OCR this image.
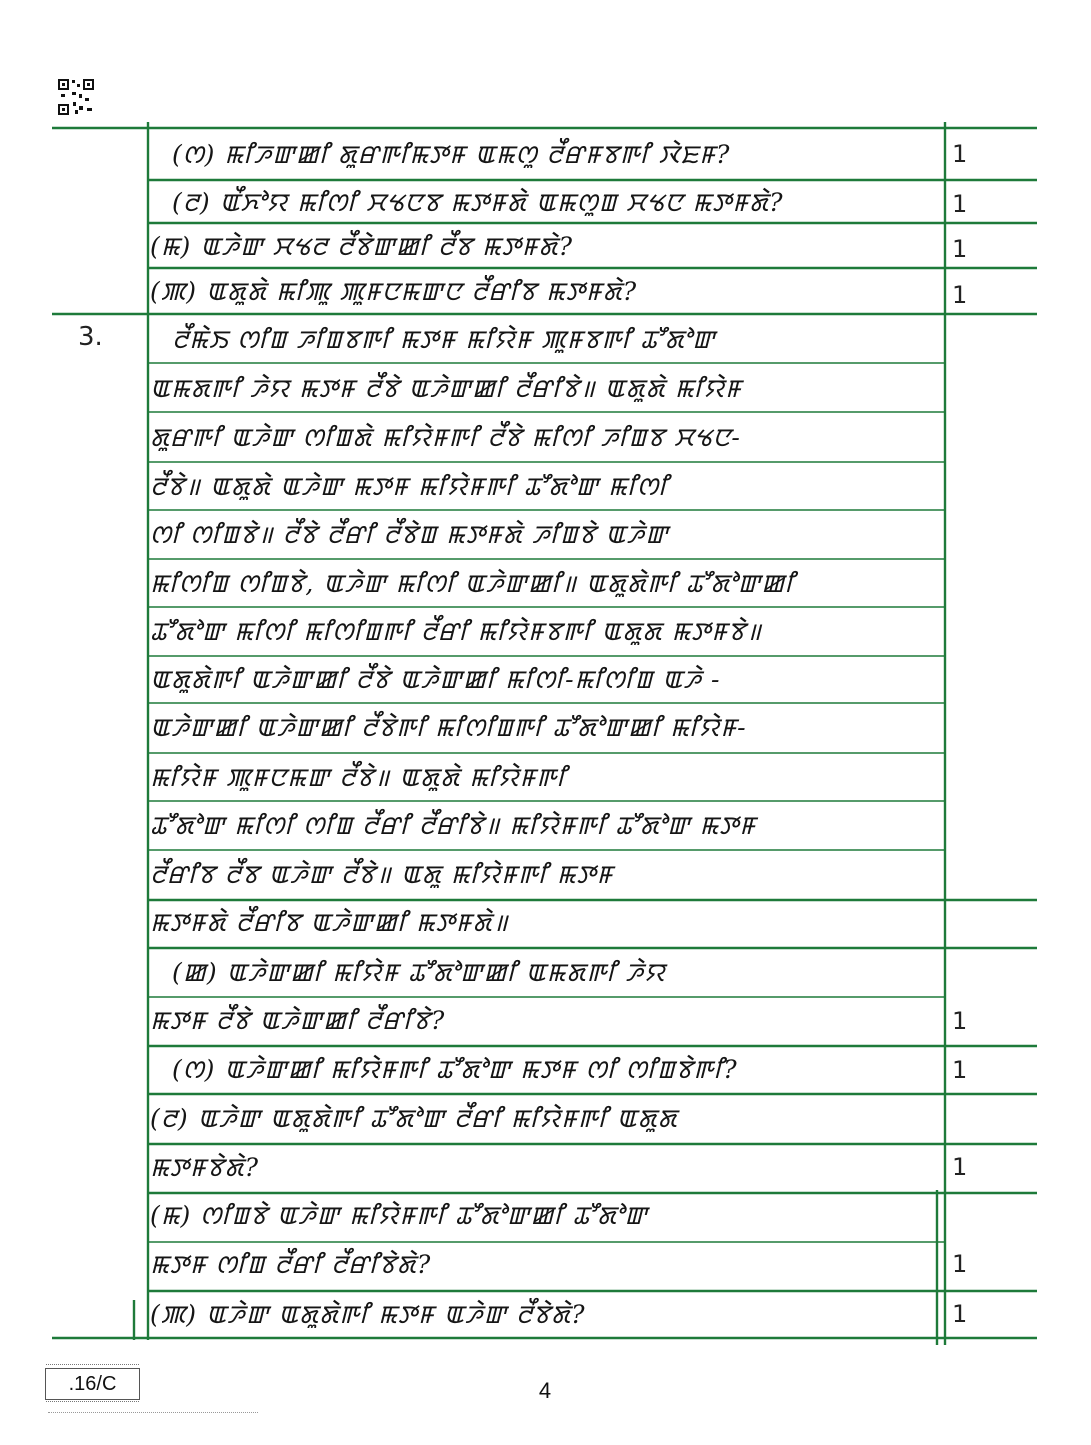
3.
(ꯁ) ꯃꯤꯍꯛꯀꯤ ꯗꯨꯔꯒꯤꯃꯇꯝ ꯑꯃꯁꯨ ꯂꯩꯔꯝꯕꯒꯤ ꯋꯥꯐꯝ?
(ꯂ) ꯑꯩꯈꯣꯌ ꯃꯤꯁꯤ ꯆꯠꯅꯕ ꯃꯇꯝꯗꯥ ꯑꯃꯁꯨꯡ ꯆꯠꯅ ꯃꯇꯝꯗꯥ?
(ꯃ) ꯑꯍꯥꯛ ꯆꯠꯂ ꯂꯩꯕꯥꯛꯀꯤ ꯂꯩꯕ ꯃꯇꯝꯗꯥ?
(ꯄ) ꯑꯗꯨꯗꯥ ꯃꯤꯄꯨ ꯄꯨꯝꯅꯃꯛꯅ ꯂꯩꯔꯤꯕ ꯃꯇꯝꯗꯥ?
ꯂꯩꯃꯥꯏ ꯁꯤꯡ ꯍꯤꯡꯕꯒꯤ ꯃꯇꯝ ꯃꯤꯌꯥꯝ ꯄꯨꯝꯕꯒꯤ ꯊꯧꯗꯣꯛ
ꯑꯃꯗꯒꯤ ꯍꯥꯌ ꯃꯇꯝ ꯂꯩꯕꯥ ꯑꯍꯥꯛꯀꯤ ꯂꯩꯔꯤꯕꯥ॥ ꯑꯗꯨꯗꯥ ꯃꯤꯌꯥꯝ
ꯗꯨꯔꯒꯤ ꯑꯍꯥꯛ ꯁꯤꯡꯗꯥ ꯃꯤꯌꯥꯝꯒꯤ ꯂꯩꯕꯥ ꯃꯤꯁꯤ ꯍꯤꯡꯕ ꯆꯠꯅ-
ꯂꯩꯕꯥ॥ ꯑꯗꯨꯗꯥ ꯑꯍꯥꯛ ꯃꯇꯝ ꯃꯤꯌꯥꯝꯒꯤ ꯊꯧꯗꯣꯛ ꯃꯤꯁꯤ
ꯁꯤ ꯁꯤꯡꯕꯥ॥ ꯂꯩꯕꯥ ꯂꯩꯔꯤ ꯂꯩꯕꯥꯡ ꯃꯇꯝꯗꯥ ꯍꯤꯡꯕꯥ ꯑꯍꯥꯛ
ꯃꯤꯁꯤꯡ ꯁꯤꯡꯕꯥ, ꯑꯍꯥꯛ ꯃꯤꯁꯤ ꯑꯍꯥꯛꯀꯤ॥ ꯑꯗꯨꯗꯥꯒꯤ ꯊꯧꯗꯣꯛꯀꯤ
ꯊꯧꯗꯣꯛ ꯃꯤꯁꯤ ꯃꯤꯁꯤꯡꯒꯤ ꯂꯩꯔꯤ ꯃꯤꯌꯥꯝꯕꯒꯤ ꯑꯗꯨꯗ ꯃꯇꯝꯕꯥ॥
ꯑꯗꯨꯗꯥꯒꯤ ꯑꯍꯥꯛꯀꯤ ꯂꯩꯕꯥ ꯑꯍꯥꯛꯀꯤ ꯃꯤꯁꯤ-ꯃꯤꯁꯤꯡ ꯑꯍꯥ -
ꯑꯍꯥꯛꯀꯤ ꯑꯍꯥꯛꯀꯤ ꯂꯩꯕꯥꯒꯤ ꯃꯤꯁꯤꯡꯒꯤ ꯊꯧꯗꯣꯛꯀꯤ ꯃꯤꯌꯥꯝ-
ꯃꯤꯌꯥꯝ ꯄꯨꯝꯅꯃꯛ ꯂꯩꯕꯥ॥ ꯑꯗꯨꯗꯥ ꯃꯤꯌꯥꯝꯒꯤ
ꯊꯧꯗꯣꯛ ꯃꯤꯁꯤ ꯁꯤꯡ ꯂꯩꯔꯤ ꯂꯩꯔꯤꯕꯥ॥ ꯃꯤꯌꯥꯝꯒꯤ ꯊꯧꯗꯣꯛ ꯃꯇꯝ
ꯂꯩꯔꯤꯕ ꯂꯩꯕ ꯑꯍꯥꯛ ꯂꯩꯕꯥ॥ ꯑꯗꯨ ꯃꯤꯌꯥꯝꯒꯤ ꯃꯇꯝ
ꯃꯇꯝꯗꯥ ꯂꯩꯔꯤꯕ ꯑꯍꯥꯛꯀꯤ ꯃꯇꯝꯗꯥ॥
(ꯀ) ꯑꯍꯥꯛꯀꯤ ꯃꯤꯌꯥꯝ ꯊꯧꯗꯣꯛꯀꯤ ꯑꯃꯗꯒꯤ ꯍꯥꯌ
ꯃꯇꯝ ꯂꯩꯕꯥ ꯑꯍꯥꯛꯀꯤ ꯂꯩꯔꯤꯕꯥ?
(ꯁ) ꯑꯍꯥꯛꯀꯤ ꯃꯤꯌꯥꯝꯒꯤ ꯊꯧꯗꯣꯛ ꯃꯇꯝ ꯁꯤ ꯁꯤꯡꯕꯥꯒꯤ?
(ꯂ) ꯑꯍꯥꯛ ꯑꯗꯨꯗꯥꯒꯤ ꯊꯧꯗꯣꯛ ꯂꯩꯔꯤ ꯃꯤꯌꯥꯝꯒꯤ ꯑꯗꯨꯗ
ꯃꯇꯝꯕꯥꯗꯥ?
(ꯃ) ꯁꯤꯡꯕꯥ ꯑꯍꯥꯛ ꯃꯤꯌꯥꯝꯒꯤ ꯊꯧꯗꯣꯛꯀꯤ ꯊꯧꯗꯣꯛ
ꯃꯇꯝ ꯁꯤꯡ ꯂꯩꯔꯤ ꯂꯩꯔꯤꯕꯥꯗꯥ?
(ꯄ) ꯑꯍꯥꯛ ꯑꯗꯨꯗꯥꯒꯤ ꯃꯇꯝ ꯑꯍꯥꯛ ꯂꯩꯕꯥꯗꯥ?
1
1
1
1
1
1
1
1
1
.16/C	4
